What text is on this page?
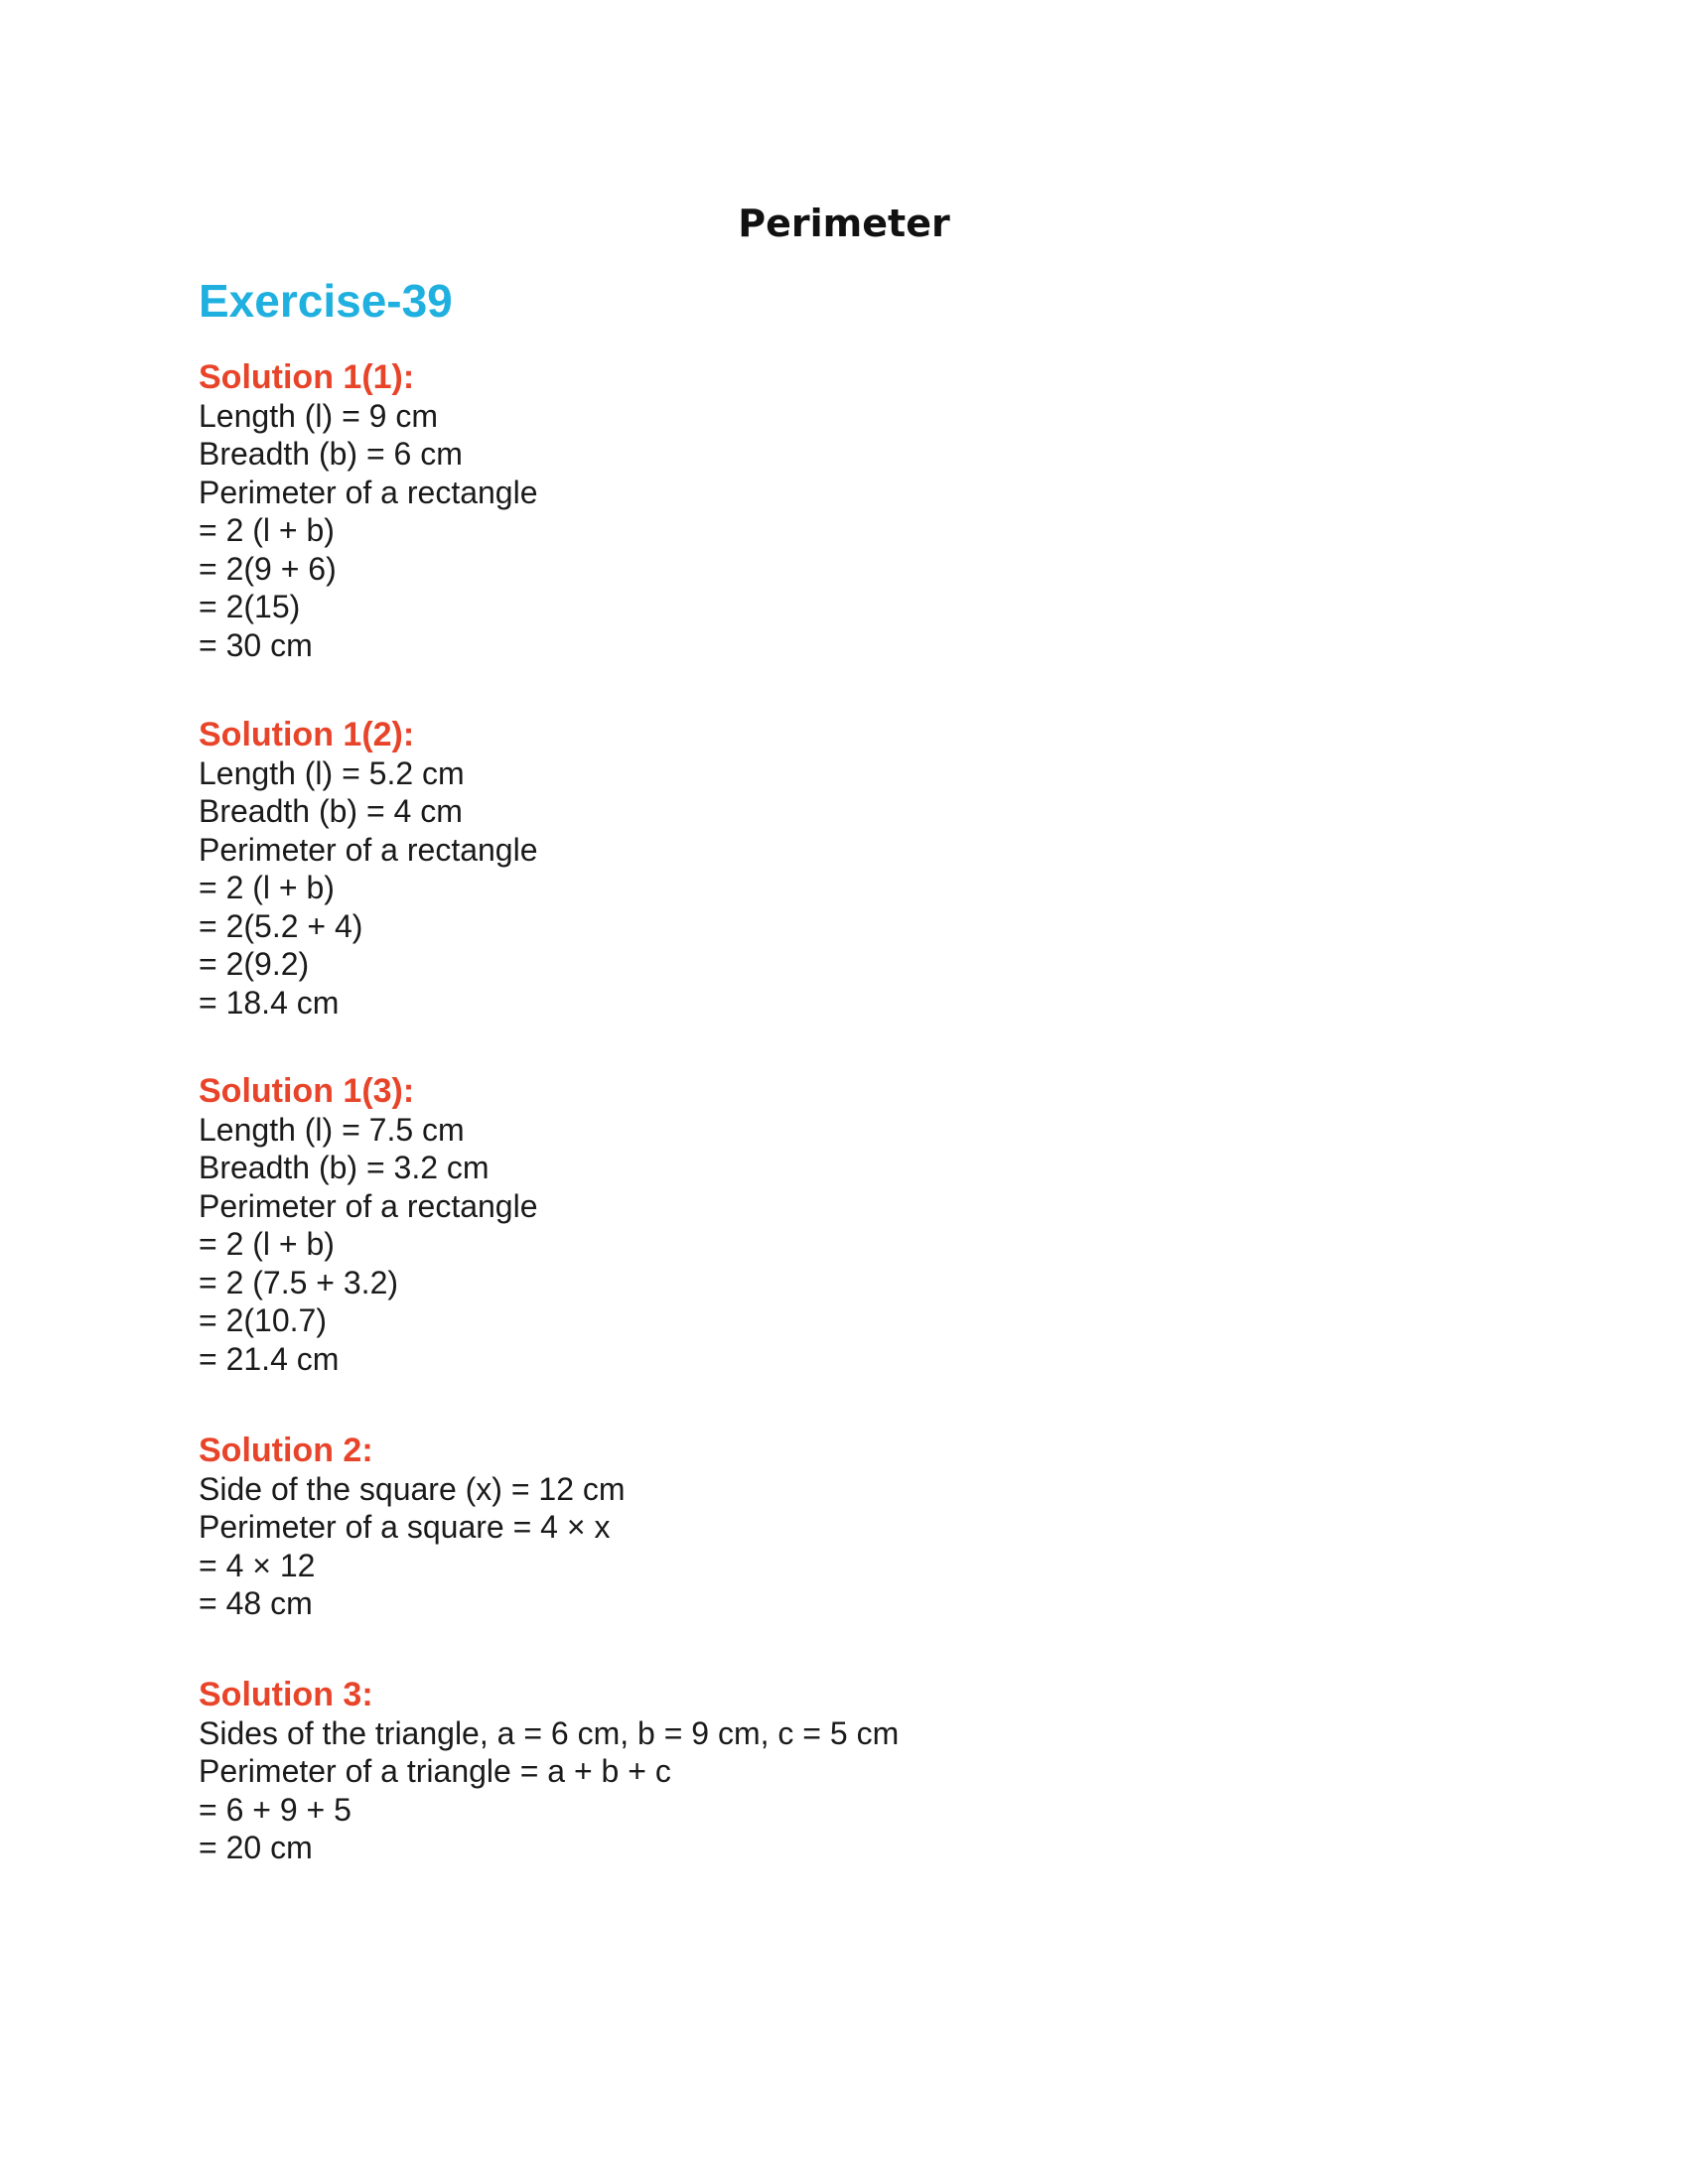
Perimeter
Exercise-39
Solution 1(1):
Length (l) = 9 cm
Breadth (b) = 6 cm
Perimeter of a rectangle
= 2 (l + b)
= 2(9 + 6)
= 2(15)
= 30 cm
Solution 1(2):
Length (l) = 5.2 cm
Breadth (b) = 4 cm
Perimeter of a rectangle
= 2 (l + b)
= 2(5.2 + 4)
= 2(9.2)
= 18.4 cm
Solution 1(3):
Length (l) = 7.5 cm
Breadth (b) = 3.2 cm
Perimeter of a rectangle
= 2 (l + b)
= 2 (7.5 + 3.2)
= 2(10.7)
= 21.4 cm
Solution 2:
Side of the square (x) = 12 cm
Perimeter of a square = 4 × x
= 4 × 12
= 48 cm
Solution 3:
Sides of the triangle, a = 6 cm, b = 9 cm, c = 5 cm
Perimeter of a triangle = a + b + c
= 6 + 9 + 5
= 20 cm
